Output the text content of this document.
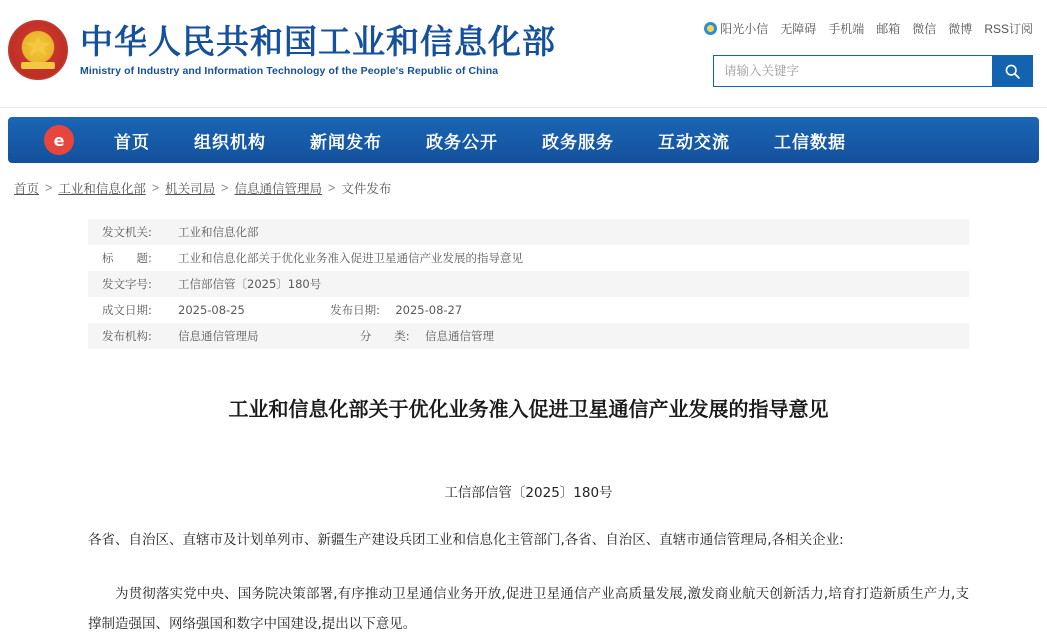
中华人民共和国工业和信息化部
Ministry of Industry and Information Technology of the People's Republic of China
阳光小信 无障碍 手机端 邮箱 微信 微博 RSS订阅
请输入关键字
e	首页	组织机构	新闻发布	政务公开	政务服务	互动交流	工信数据
首页 > 工业和信息化部 > 机关司局 > 信息通信管理局 > 文件发布
发文机关:	工业和信息化部
标　　题:	工业和信息化部关于优化业务准入促进卫星通信产业发展的指导意见
发文字号:	工信部信管〔2025〕180号
成文日期:	2025-08-25 发布日期: 2025-08-27
发布机构:	信息通信管理局 分　　类: 信息通信管理
工业和信息化部关于优化业务准入促进卫星通信产业发展的指导意见
工信部信管〔2025〕180号
各省、自治区、直辖市及计划单列市、新疆生产建设兵团工业和信息化主管部门,各省、自治区、直辖市通信管理局,各相关企业:
为贯彻落实党中央、国务院决策部署,有序推动卫星通信业务开放,促进卫星通信产业高质量发展,激发商业航天创新活力,培育打造新质生产力,支撑制造强国、网络强国和数字中国建设,提出以下意见。
